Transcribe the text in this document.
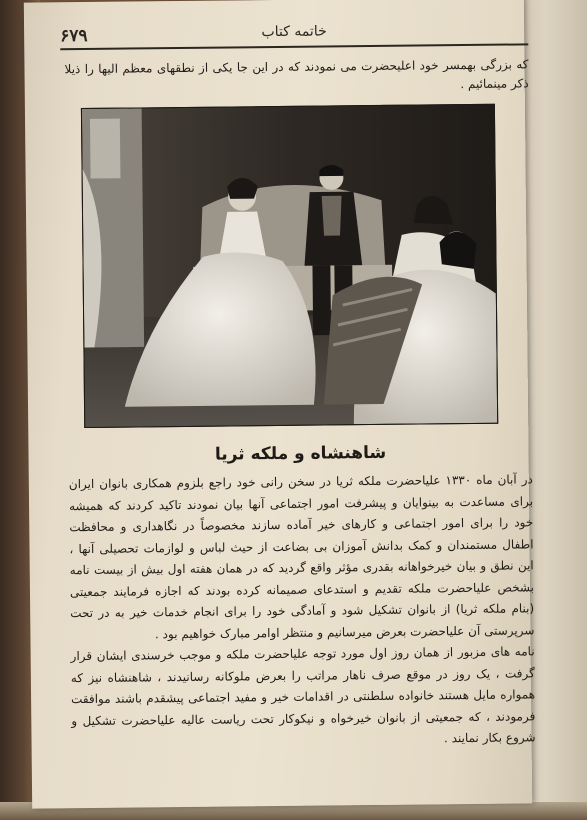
۶۷۹	خاتمه کتاب

که بزرگی بهمسر خود اعلیحضرت می نمودند که در این جا یکی از نطقهای معظم الیها را ذیلا ذکر مینمائیم .

شاهنشاه و ملکه ثریا

در آبان ماه ۱۳۳۰ علیاحضرت ملکه ثریا در سخن رانی خود راجع بلزوم همکاری بانوان ایران برای مساعدت به بینوایان و پیشرفت امور اجتماعی آنها بیان نمودند تاکید کردند که همیشه خود را برای امور اجتماعی و کارهای خیر آماده سازند مخصوصاً در نگاهداری و محافظت اطفال مستمندان و کمک بدانش آموزان بی بضاعت از حیث لباس و لوازمات تحصیلی آنها ، این نطق و بیان خیرخواهانه بقدری مؤثر واقع گردید که در همان هفته اول بیش از بیست نامه بشخص علیاحضرت ملکه تقدیم و استدعای صمیمانه کرده بودند که اجازه فرمایند جمعیتی (بنام ملکه ثریا) از بانوان تشکیل شود و آمادگی خود را برای انجام خدمات خیر به در تحت سرپرستی آن علیاحضرت بعرض میرسانیم و منتظر اوامر مبارک خواهیم بود .

نامه های مزبور از همان روز اول مورد توجه علیاحضرت ملکه و موجب خرسندی ایشان قرار گرفت ، یک روز در موقع صرف ناهار مراتب را بعرض ملوکانه رسانیدند ، شاهنشاه نیز که همواره مایل هستند خانواده سلطنتی در اقدامات خیر و مفید اجتماعی پیشقدم باشند موافقت فرمودند ، که جمعیتی از بانوان خیرخواه و نیکوکار تحت ریاست عالیه علیاحضرت تشکیل و شروع بکار نمایند .
